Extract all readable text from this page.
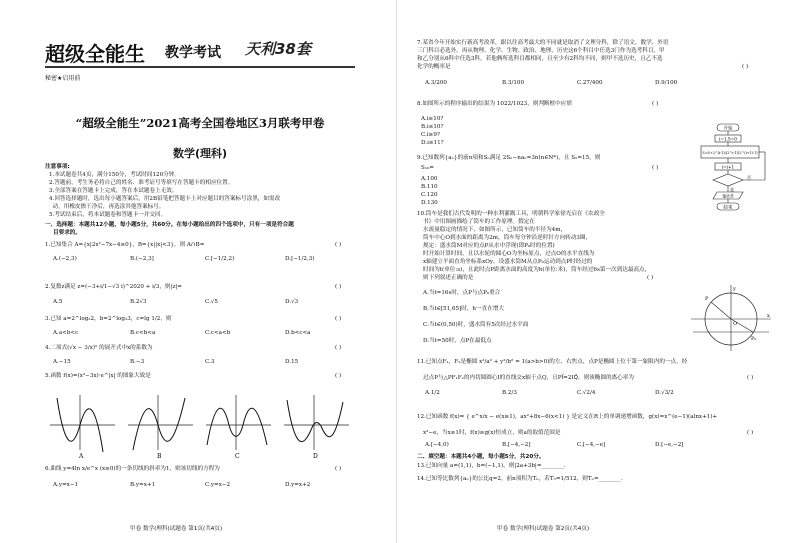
超级全能生 教学考试 天利38套
秘密★启用前
“超级全能生”2021高考全国卷地区3月联考甲卷
数学(理科)
注意事项:
1.本试题卷共4页，满分150分，考试时间120分钟。
2.答题前，考生务必将自己的姓名、准考证号等填写在答题卡的相应位置。
3.全部答案在答题卡上完成，答在本试题卷上无效。
4.回答选择题时，选出每小题答案后，用2B铅笔把答题卡上对应题目的答案标号涂黑，如需改
动，用橡皮擦干净后，再选涂其他答案标号。
5.考试结束后，将本试题卷和答题卡一并交回。
一、选择题：本题共12小题，每小题5分，共60分。在每小题给出的四个选项中，只有一项是符合题
目要求的。
1.已知集合 A={x|2x²−7x−4≤0}，B={x||x|<3}，则 A∩B=	( )
A.(−2,3)	B.(−2,3]	C.[−1/2,2)	D.[−1/2,3)
2.复数z满足 z=(−3+i/1−√3 i)^2020 + i/3，则|z|=	( )
A.5	B.2√3	C.√5	D.√3
3.已知 a=2^log₃2，b=2^log₂3，c=lg 1/2，则	( )
A.a<b<c	B.c<b<a	C.c<a<b	D.b<c<a
4.二项式(√x − 3/x)⁵ 的展开式中x的系数为	( )
A.−15	B.−3	C.3	D.15
5.函数 f(x)=(x³−3x)·e^|x| 的图象大致是	( )
A	B	C	D
6.曲线 y=4ln x/e^x (x≥0)的一条切线的斜率为1，则该切线的方程为	( )
A.y=x−1	B.y=x+1	C.y=x−2	D.y=x+2
甲卷 数学(理科)试题卷 第1页(共4页)
7.某省今年开始实行新高考改革，跟以往高考最大的不同就是取消了文理分科，除了语文、数学、外语
三门科目必选外，再从物理、化学、生物、政治、地理、历史这6个科目中任选3门作为选考科目，甲
和乙分别从6科中任选3科，若他俩所选科目都相同，且至少有2科均不同，则甲不选历史，且乙不选
化学的概率是	( )
A.3/200	B.3/100	C.27/400	D.9/100
8.如图所示的程序输出的结果为 1022/1023，则判断框中应填	( )
A.i≥10?
B.i≤10?
C.i≥9?
D.i≥11?
开始
i=1,S=0
S=S+2^(i-1)/(2^i-1)(2^(i+1)-1)
i=i+1
否
是
输出S
结束
9.已知数列{aₙ}的前n项和Sₙ满足 2Sₙ−naₙ=3n(n∈N*)，且 S₅=15，则
S₁₀=	( )
A.100
B.110
C.120
D.130
10.筒车是我们古代发明的一种水利灌溉工具，明朝科学家徐光启在《农政全
书》中用图画描绘了筒车的工作原理。假定在
水流量稳定的情况下，如图所示，已知筒车的半径为4m，
筒车中心O到水面的距离为2m，筒车每分钟沿逆时针方向转动3圈，
规定：盛水筒M对应的点P从水中浮现(即P₀时的位置)
时开始计算时间，且以水轮的圆心O为坐标原点，过点O的水平直线为
x轴建立平面直角坐标系xOy，设盛水筒M从点P₀运动到点P时经过的
时间为t(单位:s)，且此时点P距离水面的高度为h(单位:米)，筒车经过6s第一次到达最高点，
则下列叙述正确的是	( )
A.当t=16s时，点P与点P₀重合
B.当t∈[51,65]时，h一直在增大
C.当t∈(0,50)时，盛水筒有5次经过水平面
D.当t=50时，点P在最低点
O
x
y
P
P₀
11.已知点F₁，F₂是椭圆 x²/a² + y²/b² = 1(a>b>0)的左、右焦点，点P是椭圆上位于第一象限内的一点，经
过点P与△PF₁F₂的内切圆圆心I的直线交x轴于点Q，且PI⃗=2IQ⃗，则该椭圆的离心率为	( )
A.1/2	B.2/3	C.√2/4	D.√3/2
12.已知函数 f(x)= { e^x/x − e(x≥1),  ax²+8x−6(x<1) } 是定义在R上的单调递增函数，g(x)=x^(e−1)(alnx+1)+
x²−e，当x≥1时，f(x)≥g(x)恒成立，则a的取值范围是	( )
A.[−4,0)	B.[−4,−2]	C.[−4,−e]	D.[−e,−2]
二、填空题：本题共4小题，每小题5分，共20分。
13.已知向量 a=(1,1)，b=(−1,1)，则|2a+3b|=________.
14.已知等比数列{aₙ}的公比q=2，前n项积为Tₙ，若T₃=1/512，则Tₙ=________.
甲卷 数学(理科)试题卷 第2页(共4页)
